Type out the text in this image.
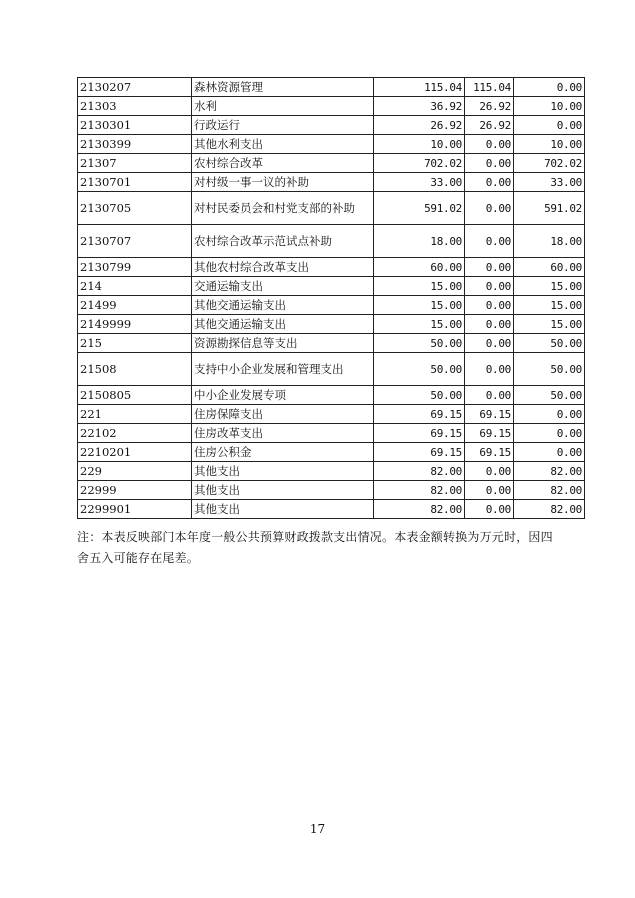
2130207	森林资源管理	115.04	115.04	0.00
21303	水利	36.92	26.92	10.00
2130301	行政运行	26.92	26.92	0.00
2130399	其他水利支出	10.00	0.00	10.00
21307	农村综合改革	702.02	0.00	702.02
2130701	对村级一事一议的补助	33.00	0.00	33.00
2130705	对村民委员会和村党支部的补助	591.02	0.00	591.02
2130707	农村综合改革示范试点补助	18.00	0.00	18.00
2130799	其他农村综合改革支出	60.00	0.00	60.00
214	交通运输支出	15.00	0.00	15.00
21499	其他交通运输支出	15.00	0.00	15.00
2149999	其他交通运输支出	15.00	0.00	15.00
215	资源勘探信息等支出	50.00	0.00	50.00
21508	支持中小企业发展和管理支出	50.00	0.00	50.00
2150805	中小企业发展专项	50.00	0.00	50.00
221	住房保障支出	69.15	69.15	0.00
22102	住房改革支出	69.15	69.15	0.00
2210201	住房公积金	69.15	69.15	0.00
229	其他支出	82.00	0.00	82.00
22999	其他支出	82.00	0.00	82.00
2299901	其他支出	82.00	0.00	82.00
注：本表反映部门本年度一般公共预算财政拨款支出情况。本表金额转换为万元时，因四舍五入可能存在尾差。
17
